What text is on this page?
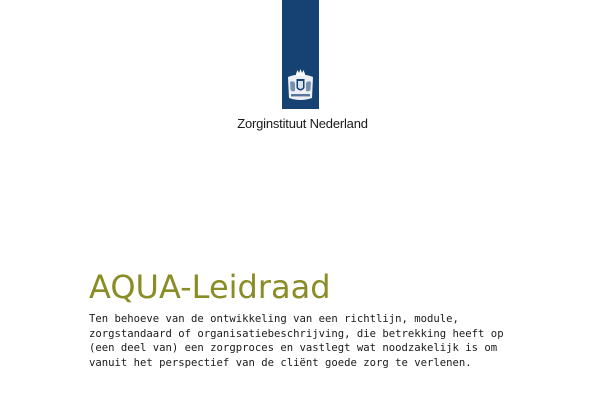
Zorginstituut Nederland
AQUA-Leidraad

Ten behoeve van de ontwikkeling van een richtlijn, module, zorgstandaard of organisatiebeschrijving, die betrekking heeft op (een deel van) een zorgproces en vastlegt wat noodzakelijk is om vanuit het perspectief van de cliënt goede zorg te verlenen.
